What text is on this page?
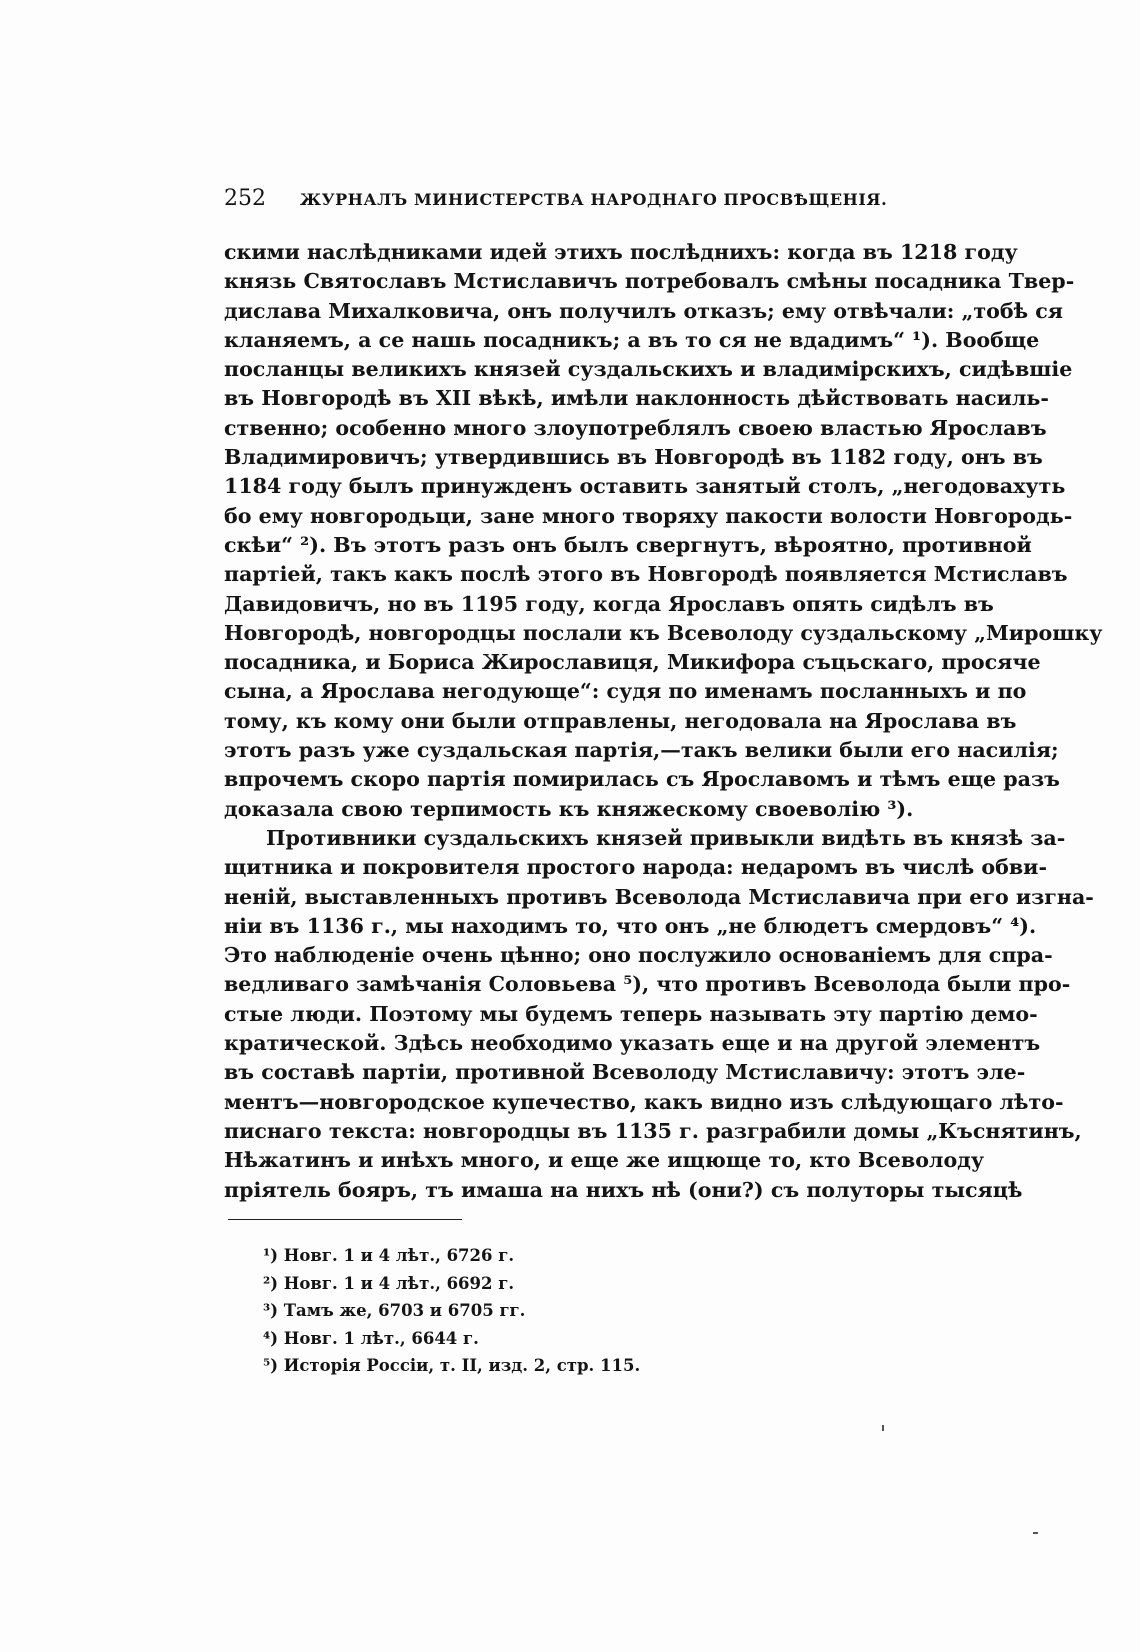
252 ЖУРНАЛЪ МИНИСТЕРСТВА НАРОДНАГО ПРОСВѢЩЕНІЯ.
скими наслѣдниками идей этихъ послѣднихъ: когда въ 1218 году
князь Святославъ Мстиславичъ потребовалъ смѣны посадника Твер-
дислава Михалковича, онъ получилъ отказъ; ему отвѣчали: „тобѣ ся
кланяемъ, а се нашь посадникъ; а въ то ся не вдадимъ“ ¹). Вообще
посланцы великихъ князей суздальскихъ и владимірскихъ, сидѣвшіе
въ Новгородѣ въ XII вѣкѣ, имѣли наклонность дѣйствовать насиль-
ственно; особенно много злоупотреблялъ своею властью Ярославъ
Владимировичъ; утвердившись въ Новгородѣ въ 1182 году, онъ въ
1184 году былъ принужденъ оставить занятый столъ, „негодовахуть
бо ему новгородьци, зане много творяху пакости волости Новгородь-
скѣи“ ²). Въ этотъ разъ онъ былъ свергнутъ, вѣроятно, противной
партіей, такъ какъ послѣ этого въ Новгородѣ появляется Мстиславъ
Давидовичъ, но въ 1195 году, когда Ярославъ опять сидѣлъ въ
Новгородѣ, новгородцы послали къ Всеволоду суздальскому „Мирошку
посадника, и Бориса Жирославиця, Микифора съцьскаго, просяче
сына, а Ярослава негодующе“: судя по именамъ посланныхъ и по
тому, къ кому они были отправлены, негодовала на Ярослава въ
этотъ разъ уже суздальская партія,—такъ велики были его насилія;
впрочемъ скоро партія помирилась съ Ярославомъ и тѣмъ еще разъ
доказала свою терпимость къ княжескому своеволію ³).
Противники суздальскихъ князей привыкли видѣть въ князѣ за-
щитника и покровителя простого народа: недаромъ въ числѣ обви-
неній, выставленныхъ противъ Всеволода Мстиславича при его изгна-
ніи въ 1136 г., мы находимъ то, что онъ „не блюдетъ смердовъ“ ⁴).
Это наблюденіе очень цѣнно; оно послужило основаніемъ для спра-
ведливаго замѣчанія Соловьева ⁵), что противъ Всеволода были про-
стые люди. Поэтому мы будемъ теперь называть эту партію демо-
кратической. Здѣсь необходимо указать еще и на другой элементъ
въ составѣ партіи, противной Всеволоду Мстиславичу: этотъ эле-
ментъ—новгородское купечество, какъ видно изъ слѣдующаго лѣто-
писнаго текста: новгородцы въ 1135 г. разграбили домы „Къснятинъ,
Нѣжатинъ и инѣхъ много, и еще же ищюще то, кто Всеволоду
пріятель бояръ, тъ имаша на нихъ нѣ (они?) съ полуторы тысяцѣ
¹) Новг. 1 и 4 лѣт., 6726 г.
²) Новг. 1 и 4 лѣт., 6692 г.
³) Тамъ же, 6703 и 6705 гг.
⁴) Новг. 1 лѣт., 6644 г.
⁵) Исторія Россіи, т. II, изд. 2, стр. 115.
